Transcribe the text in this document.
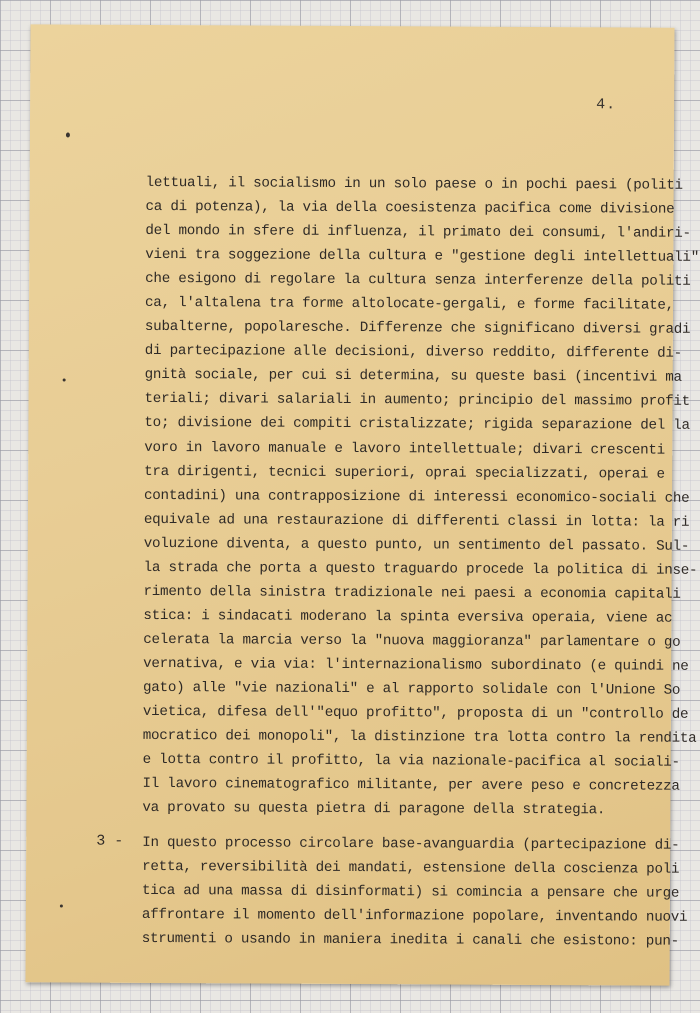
4.
lettuali, il socialismo in un solo paese o in pochi paesi (politi
ca di potenza), la via della coesistenza pacifica come divisione
del mondo in sfere di influenza, il primato dei consumi, l'andiri-
vieni tra soggezione della cultura e "gestione degli intellettuali"
che esigono di regolare la cultura senza interferenze della politi
ca, l'altalena tra forme altolocate-gergali, e forme facilitate,
subalterne, popolaresche. Differenze che significano diversi gradi
di partecipazione alle decisioni, diverso reddito, differente di-
gnità sociale, per cui si determina, su queste basi (incentivi ma
teriali; divari salariali in aumento; principio del massimo profit
to; divisione dei compiti cristalizzate; rigida separazione del la
voro in lavoro manuale e lavoro intellettuale; divari crescenti
tra dirigenti, tecnici superiori, oprai specializzati, operai e
contadini) una contrapposizione di interessi economico-sociali che
equivale ad una restaurazione di differenti classi in lotta: la ri
voluzione diventa, a questo punto, un sentimento del passato. Sul-
la strada che porta a questo traguardo procede la politica di inse-
rimento della sinistra tradizionale nei paesi a economia capitali
stica: i sindacati moderano la spinta eversiva operaia, viene ac
celerata la marcia verso la "nuova maggioranza" parlamentare o go
vernativa, e via via: l'internazionalismo subordinato (e quindi ne
gato) alle "vie nazionali" e al rapporto solidale con l'Unione So
vietica, difesa dell'"equo profitto", proposta di un "controllo de
mocratico dei monopoli", la distinzione tra lotta contro la rendita
e lotta contro il profitto, la via nazionale-pacifica al sociali-
Il lavoro cinematografico militante, per avere peso e concretezza
va provato su questa pietra di paragone della strategia.
3 - In questo processo circolare base-avanguardia (partecipazione di-
retta, reversibilità dei mandati, estensione della coscienza poli
tica ad una massa di disinformati) si comincia a pensare che urge
affrontare il momento dell'informazione popolare, inventando nuovi
strumenti o usando in maniera inedita i canali che esistono: pun-
